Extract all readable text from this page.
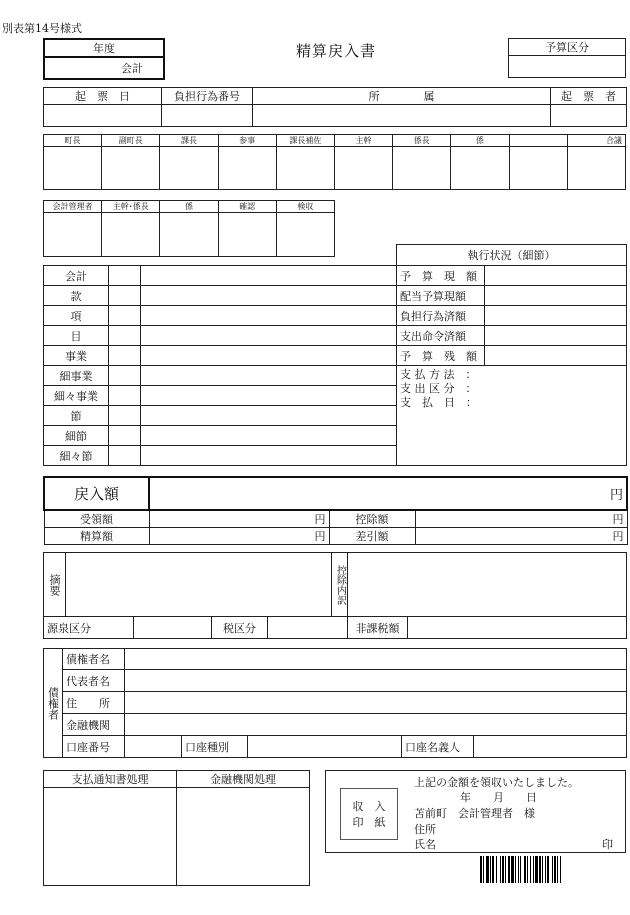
別表第14号様式
年度
会計
精算戻入書	予算区分

起　票　日	負担行為番号	所　　　　属	起　票　者

町長	副町長	課長	参事	課長補佐	主幹	係長	係		合議

会計管理者	主幹･係長	係	確認	検収

会計		
款		
項		
目		
事業		
細事業		
細々事業		
節		
細節		
細々節		
執行状況（細節）	
予　算　現　額	
配当予算現額	
負担行為済額	
支出命令済額	
予　算　残　額	

支 払 方 法　：
支 出 区 分　：
支　払　日　：	
戻入額	円		
受領額	円	控除額	円
精算額	円	差引額	円
摘要					控除内訳		

源泉区分			税区分			非課税額	
債権者	債権者名					
	代表者名					
	住　　所					
	金融機関					
	口座番号		口座種別		口座名義人	
支払通知書処理	金融機関処理

収　入
印　紙
上記の金額を領収いたしました。
年　　月　　日
苫前町　会計管理者　様
住所
氏名	印
